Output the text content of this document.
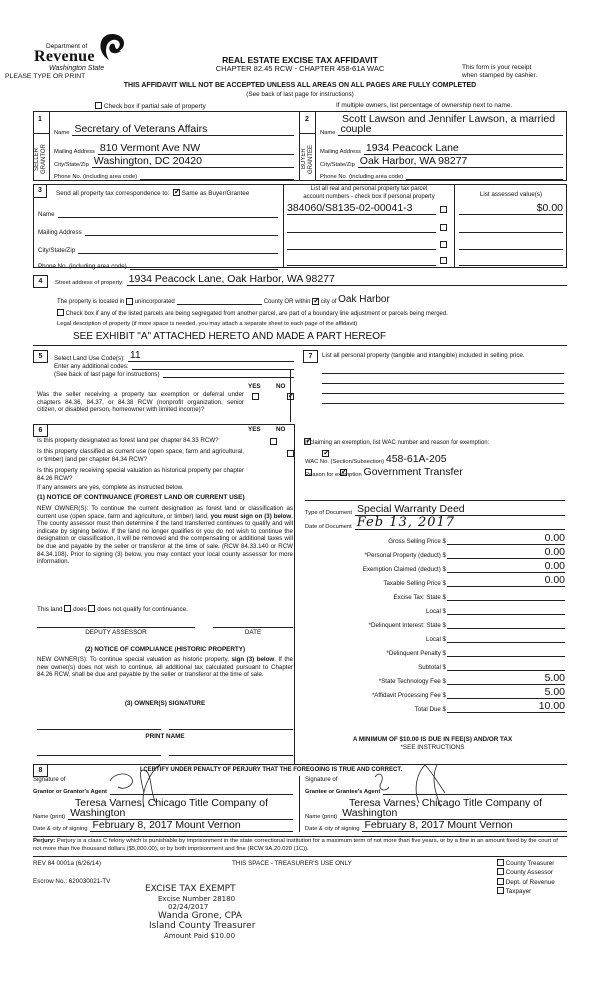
Department of
Revenue
Washington State
PLEASE TYPE OR PRINT
REAL ESTATE EXCISE TAX AFFIDAVIT
CHAPTER 82.45 RCW - CHAPTER 458-61A WAC	This form is your receipt
when stamped by cashier.
THIS AFFIDAVIT WILL NOT BE ACCEPTED UNLESS ALL AREAS ON ALL PAGES ARE FULLY COMPLETED
(See back of last page for instructions)
Check box if partial sale of property	If multiple owners, list percentage of ownership next to name.
1
SELLER
GRANTOR
2
BUYER
GRANTEE
Name Secretary of Veterans Affairs
Mailing Address 810 Vermont Ave NW
City/State/Zip Washington, DC 20420
Phone No. (including area code)
Scott Lawson and Jennifer Lawson, a married
Name couple
Mailing Address 1934 Peacock Lane
City/State/Zip Oak Harbor, WA 98277
Phone No. (including area code)
3	Send all property tax correspondence to: ✓ Same as Buyer/Grantee
Name
Mailing Address
City/State/Zip
Phone No. (including area code)
List all real and personal property tax parcel
account numbers - check box if personal property	List assessed value(s)
384060/S8135-02-00041-3	$0.00
4	Street address of property: 1934 Peacock Lane, Oak Harbor, WA 98277
The property is located in

unincorporated	County OR within
✓
city of
Oak Harbor
Check box if any of the listed parcels are being segregated from another parcel, are part of a boundary line adjustment or parcels being merged.
Legal description of property (if more space is needed, you may attach a separate sheet to each page of the affidavit)
SEE EXHIBIT "A" ATTACHED HERETO AND MADE A PART HEREOF
5	Select Land Use Code(s): 11
Enter any additional codes:
(See back of last page for instructions)
YES NO
Was the seller receiving a property tax exemption or deferral under chapters 84.36, 84.37, or 84.38 RCW (nonprofit organization, senior citizen, or disabled person, homeowner with limited income)?
✓
6	YES NO
Is this property designated as forest land per chapter 84.33 RCW?
✓
Is this property classified as current use (open space, farm and agricultural, or timber) land per chapter 84.34 RCW?
✓
Is this property receiving special valuation as historical property per chapter 84.26 RCW?
✓
If any answers are yes, complete as instructed below.
(1) NOTICE OF CONTINUANCE (FOREST LAND OR CURRENT USE)
NEW OWNER(S): To continue the current designation as forest land or classification as current use (open space, farm and agriculture, or timber) land, you must sign on (3) below. The county assessor must then determine if the land transferred continues to qualify and will indicate by signing below. If the land no longer qualifies or you do not wish to continue the designation or classification, it will be removed and the compensating or additional taxes will be due and payable by the seller or transferor at the time of sale. (RCW 84.33.140 or RCW 84.34.108). Prior to signing (3) below, you may contact your local county assessor for more information.
This land does does not qualify for continuance.
DEPUTY ASSESSOR	DATE
(2) NOTICE OF COMPLIANCE (HISTORIC PROPERTY)
NEW OWNER(S): To continue special valuation as historic property, sign (3) below. If the new owner(s) does not wish to continue, all additional tax calculated pursuant to Chapter 84.26 RCW, shall be due and payable by the seller or transferor at the time of sale.
(3) OWNER(S) SIGNATURE
PRINT NAME
7	List all personal property (tangible and intangible) included in selling price.
If claiming an exemption, list WAC number and reason for exemption:
WAC No. (Section/Subsection)
458-61A-205
Reason for exemption
Government Transfer
Type of Document Special Warranty Deed
Date of Document Feb 13, 2017
Gross Selling Price $	0.00
*Personal Property (deduct) $	0.00
Exemption Claimed (deduct) $	0.00
Taxable Selling Price $	0.00
Excise Tax: State $
Local $
*Delinquent Interest: State $
Local $
*Delinquent Penalty $
Subtotal $
*State Technology Fee $	5.00
*Affidavit Processing Fee $	5.00
Total Due $	10.00
A MINIMUM OF $10.00 IS DUE IN FEE(S) AND/OR TAX
*SEE INSTRUCTIONS
8	I CERTIFY UNDER PENALTY OF PERJURY THAT THE FOREGOING IS TRUE AND CORRECT.
Signature of
Grantor or Grantor's Agent
Teresa Varnes, Chicago Title Company of
Name (print) Washington
Date & city of signing February 8, 2017 Mount Vernon
Signature of
Grantee or Grantee's Agent
Teresa Varnes, Chicago Title Company of
Name (print) Washington
Date & city of signing February 8, 2017 Mount Vernon
Perjury: Perjury is a class C felony which is punishable by imprisonment in the state correctional institution for a maximum term of not more than five years, or by a fine in an amount fixed by the court of not more than five thousand dollars ($5,000.00), or by both imprisonment and fine (RCW 9A.20.020 (1C)).
REV 84 0001a (6/26/14)	THIS SPACE - TREASURER'S USE ONLY
Escrow No.: 620030021-TV
County Treasurer
County Assessor
Dept. of Revenue
Taxpayer
EXCISE TAX EXEMPT
Excise Number 28180
02/24/2017
Wanda Grone, CPA
Island County Treasurer
Amount Paid $10.00
